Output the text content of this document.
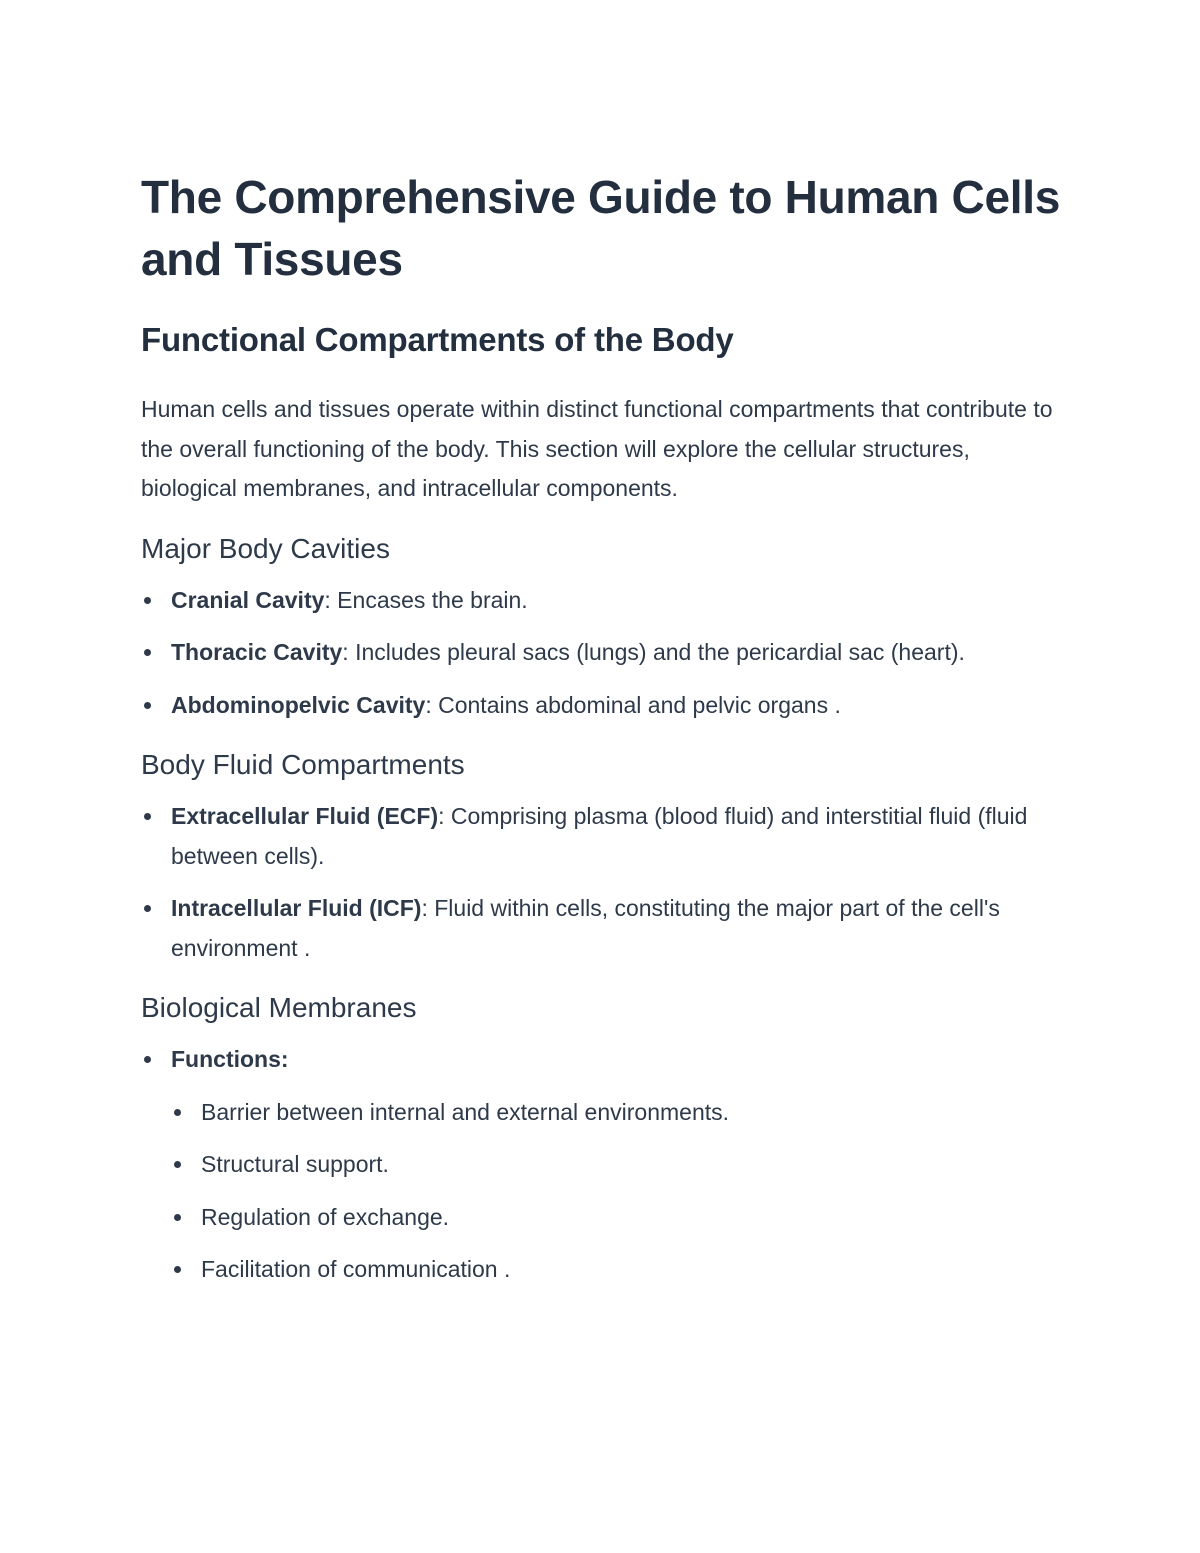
The Comprehensive Guide to Human Cells and Tissues
Functional Compartments of the Body

Human cells and tissues operate within distinct functional compartments that contribute to the overall functioning of the body. This section will explore the cellular structures, biological membranes, and intracellular components.

Major Body Cavities
Cranial Cavity: Encases the brain.
Thoracic Cavity: Includes pleural sacs (lungs) and the pericardial sac (heart).
Abdominopelvic Cavity: Contains abdominal and pelvic organs .
Body Fluid Compartments
Extracellular Fluid (ECF): Comprising plasma (blood fluid) and interstitial fluid (fluid between cells).
Intracellular Fluid (ICF): Fluid within cells, constituting the major part of the cell's environment .
Biological Membranes
Functions:
Barrier between internal and external environments.
Structural support.
Regulation of exchange.
Facilitation of communication .
